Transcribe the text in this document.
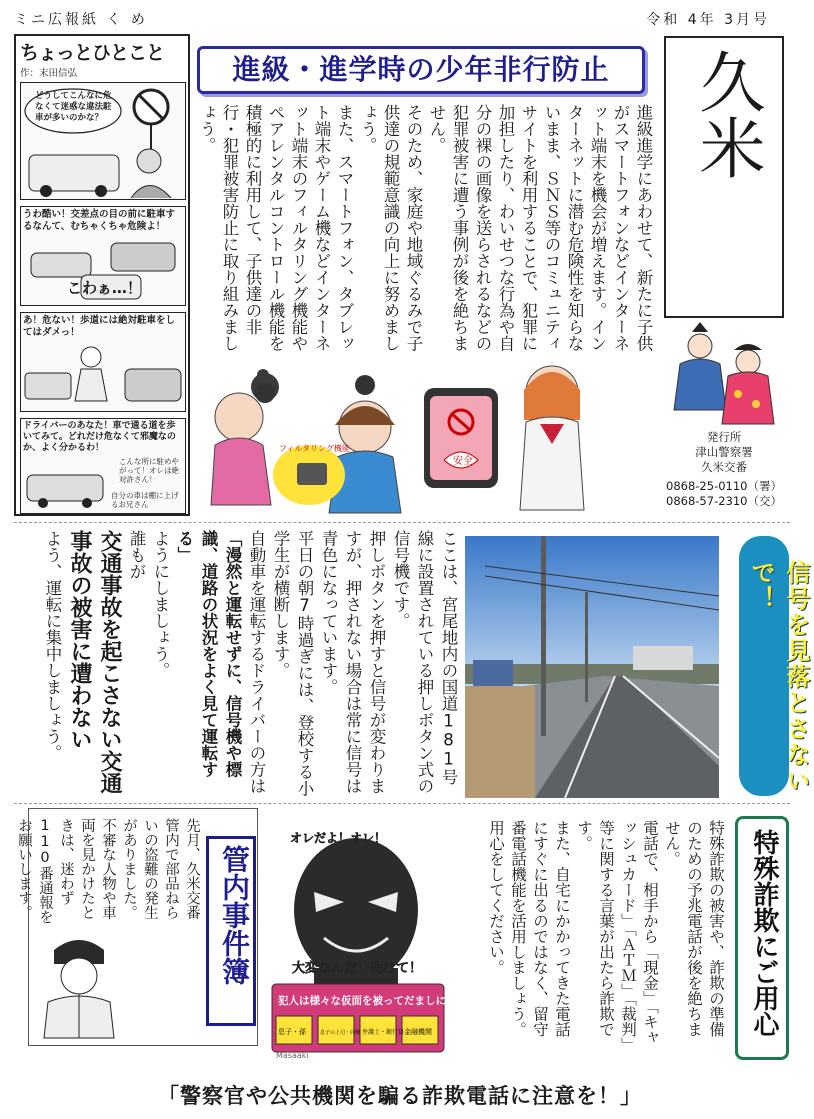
ミニ広報紙 く め	令和 4年 3月号
ちょっとひとこと
作：末田信弘
どうしてこんなに危なくて迷惑な違法駐車が多いのかな？
うわ酷い！交差点の目の前に駐車するなんて、むちゃくちゃ危険よ！
こわぁ…！
あ！危ない！歩道には絶対駐車をしてはダメっ！
ドライバーのあなた！車で通る道を歩いてみて。どれだけ危なくて邪魔なのか、よく分かるわ！
こんな所に駐めやがって！オレは絶対許さん！
自分の車は棚に上げるお兄さん
進級・進学時の少年非行防止
進級進学にあわせて、新たに子供がスマートフォンなどインターネット端末を機会が増えます。インターネットに潜む危険性を知らないまま、ＳＮＳ等のコミュニティサイトを利用することで、犯罪に加担したり、わいせつな行為や自分の裸の画像を送らされるなどの犯罪被害に遭う事例が後を絶ちません。
そのため、家庭や地域ぐるみで子供達の規範意識の向上に努めましょう。
また、スマートフォン、タブレット端末やゲーム機などインターネット端末のフィルタリング機能やペアレンタルコントロール機能を積極的に利用して、子供達の非行・犯罪被害防止に取り組みましょう。
フィルタリング機能
安全
久米
発行所
津山警察署
久米交番
0868-25-0110（署）
0868-57-2310（交）
ここは、宮尾地内の国道181号線に設置されている押しボタン式の信号機です。
押しボタンを押すと信号が変わりますが、押されない場合は常に信号は青色になっています。
平日の朝7時過ぎには、登校する小学生が横断します。
自動車を運転するドライバーの方は
「漫然と運転せずに、信号機や標識、道路の状況をよく見て運転する」
ようにしましょう。
誰もが
交通事故を起こさない交通事故の被害に遭わない
よう、運転に集中しましょう。	信号を見落とさないで！
先月、久米交番管内で部品ねらいの盗難の発生がありました。不審な人物や車両を見かけたときは、迷わず110番通報をお願いします。	管内事件簿
オレだよ！オレ！
大変なんだ！助けて！
犯人は様々な仮面を被ってだましに来る！
息子・孫	息子の上司・同僚 弁護士・銀行員 金融機関
Masaaki
特殊詐欺の被害や、詐欺の準備のための予兆電話が後を絶ちません。
電話で、相手から「現金」「キャッシュカード」「ＡＴＭ」「裁判」等に関する言葉が出たら詐欺です。
また、自宅にかかってきた電話にすぐに出るのではなく、留守番電話機能を活用しましょう。
用心をしてください。	特殊詐欺にご用心
「警察官や公共機関を騙る詐欺電話に注意を！」
